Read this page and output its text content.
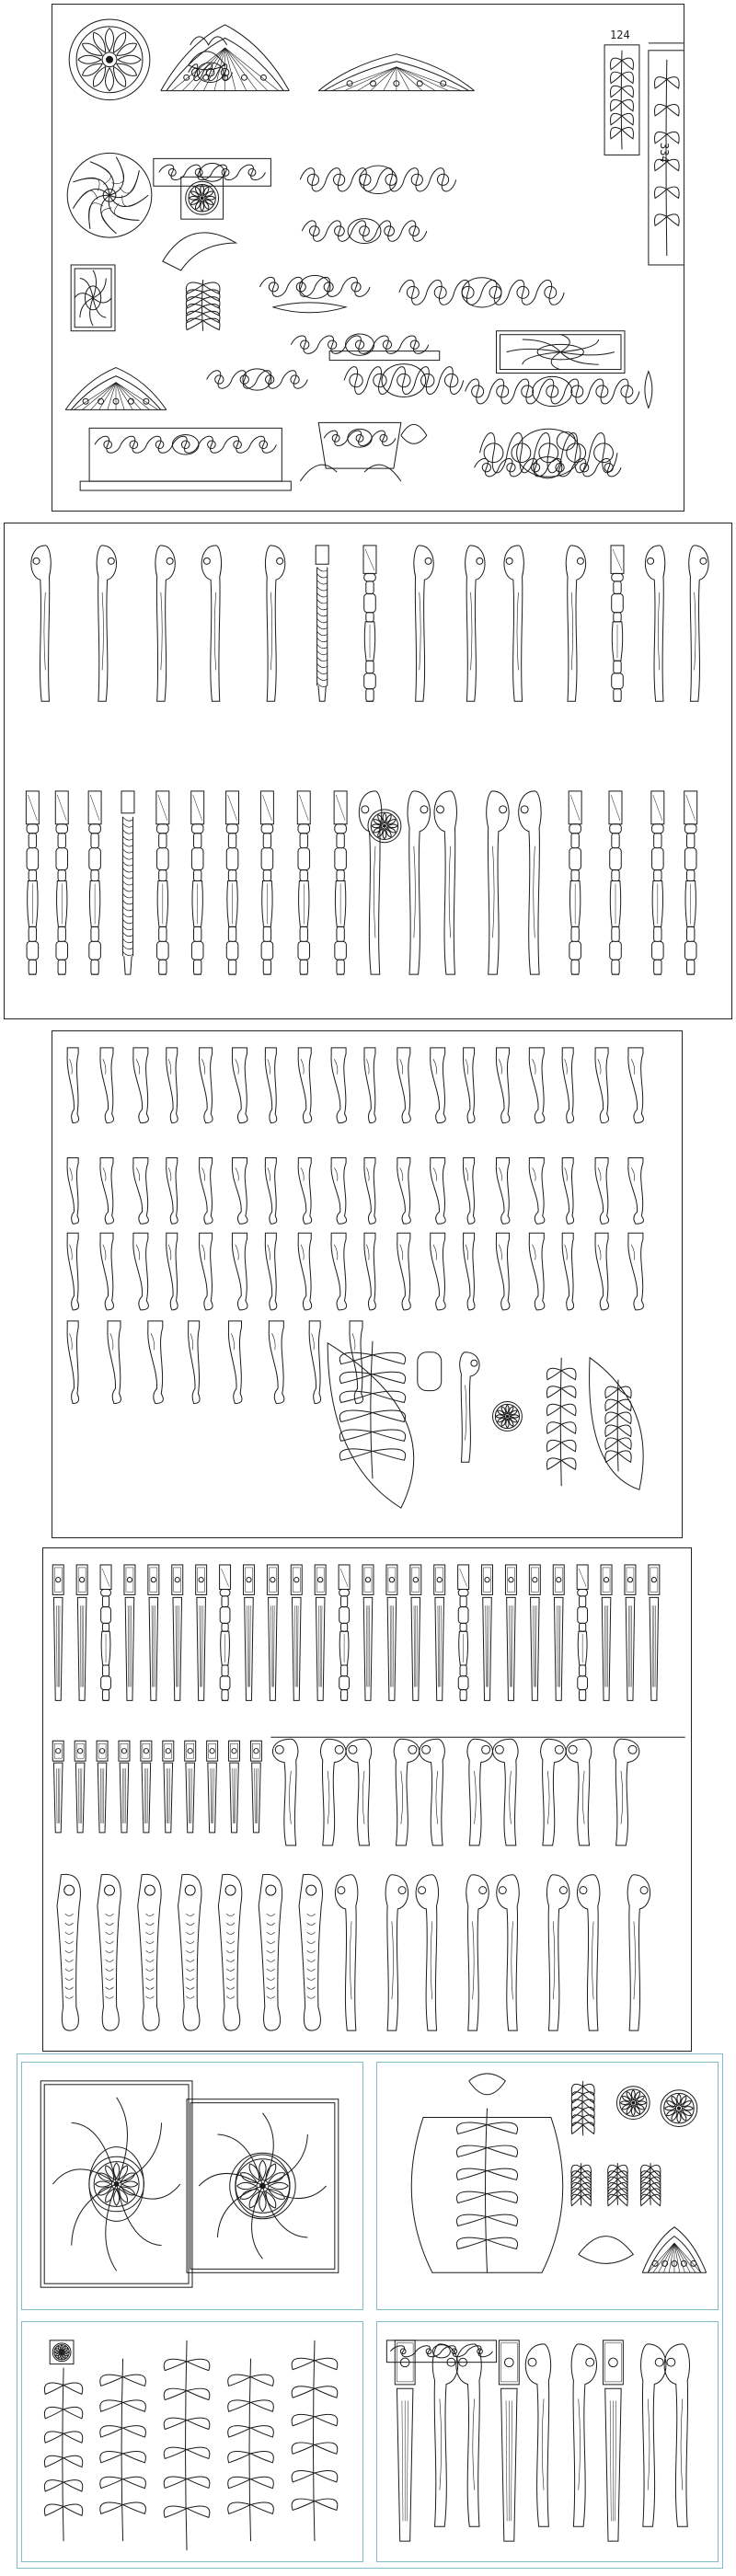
124
334
